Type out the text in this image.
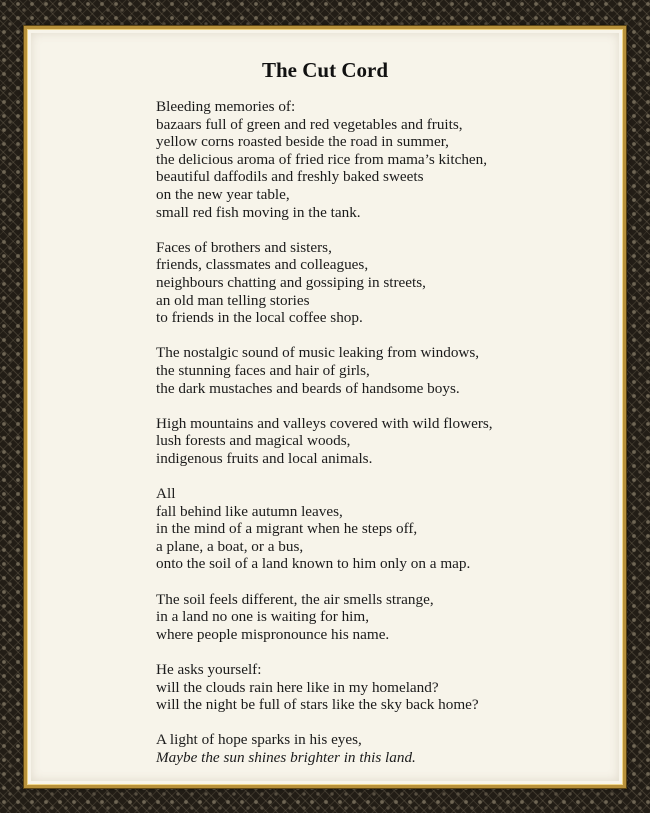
The Cut Cord
Bleeding memories of:
bazaars full of green and red vegetables and fruits,
yellow corns roasted beside the road in summer,
the delicious aroma of fried rice from mama’s kitchen,
beautiful daffodils and freshly baked sweets
on the new year table,
small red fish moving in the tank.
Faces of brothers and sisters,
friends, classmates and colleagues,
neighbours chatting and gossiping in streets,
an old man telling stories
to friends in the local coffee shop.
The nostalgic sound of music leaking from windows,
the stunning faces and hair of girls,
the dark mustaches and beards of handsome boys.
High mountains and valleys covered with wild flowers,
lush forests and magical woods,
indigenous fruits and local animals.
All
fall behind like autumn leaves,
in the mind of a migrant when he steps off,
a plane, a boat, or a bus,
onto the soil of a land known to him only on a map.
The soil feels different, the air smells strange,
in a land no one is waiting for him,
where people mispronounce his name.
He asks yourself:
will the clouds rain here like in my homeland?
will the night be full of stars like the sky back home?
A light of hope sparks in his eyes,
Maybe the sun shines brighter in this land.
